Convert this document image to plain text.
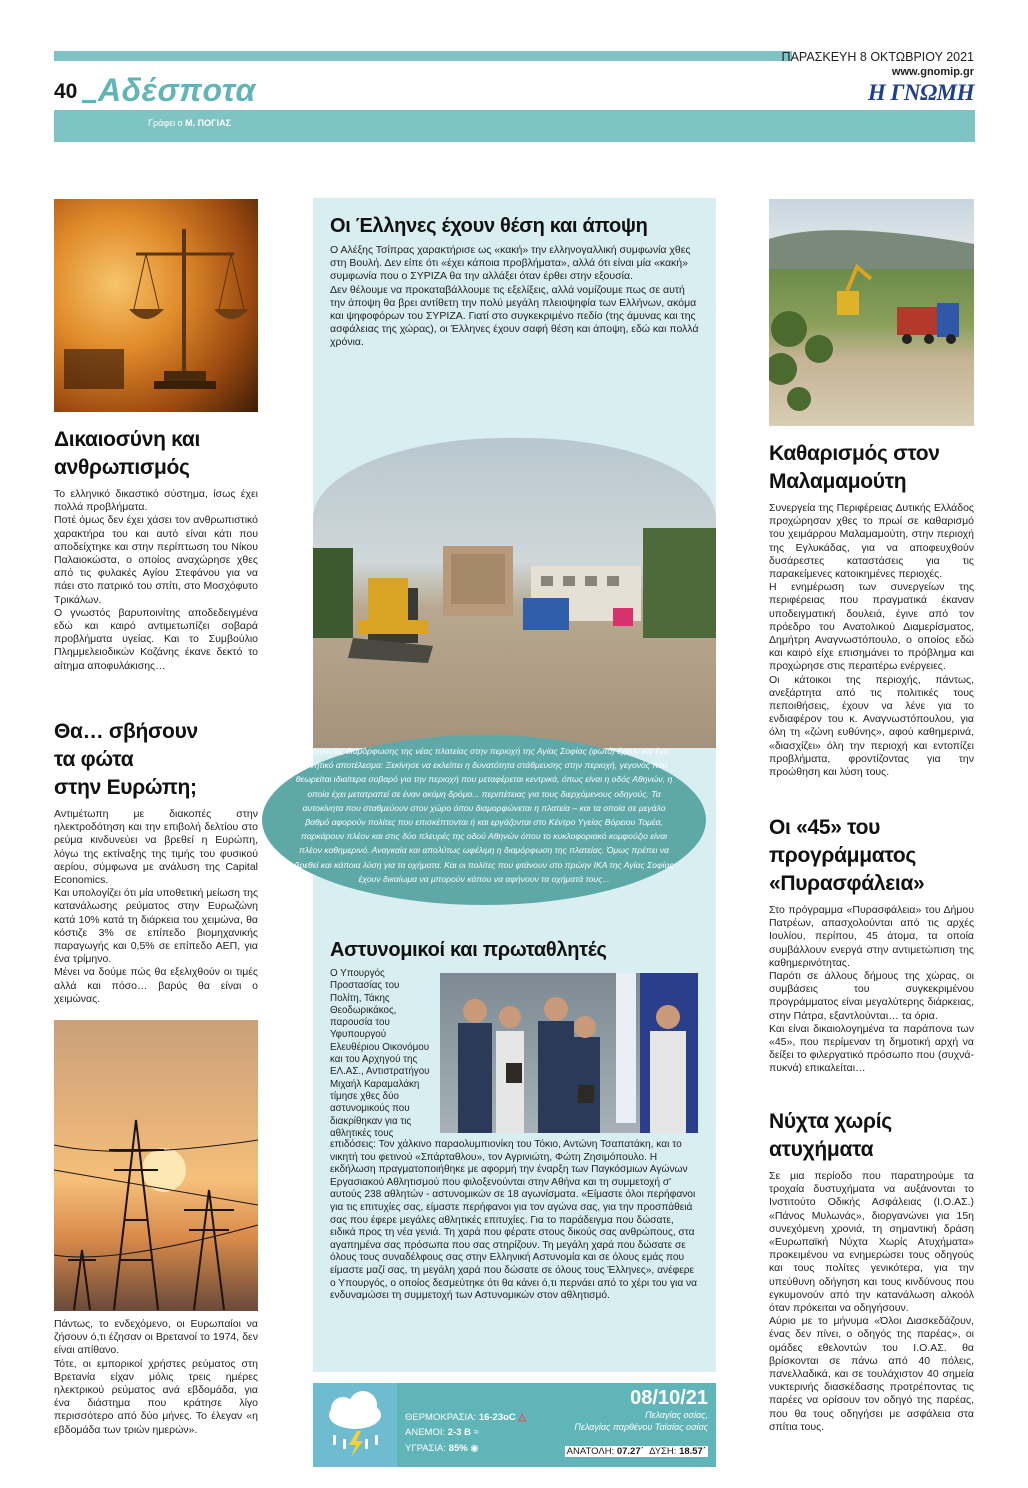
40 Αδέσποτα
ΠΑΡΑΣΚΕΥΗ 8 ΟΚΤΩΒΡΙΟΥ 2021
www.gnomip.gr
Η ΓΝΩΜΗ
Γράφει ο Μ. ΠΟΓΙΑΣ
Δικαιοσύνη και
ανθρωπισμός
Το ελληνικό δικαστικό σύστημα, ίσως έχει πολλά προβλήματα.
Ποτέ όμως δεν έχει χάσει τον ανθρωπιστικό χαρακτήρα του και αυτό είναι κάτι που αποδείχτηκε και στην περίπτωση του Νίκου Παλαιοκώστα, ο οποίος αναχώρησε χθες από τις φυλακές Αγίου Στεφάνου για να πάει στο πατρικό του σπίτι, στο Μοσχόφυτο Τρικάλων.
Ο γνωστός βαρυποινίτης αποδεδειγμένα εδώ και καιρό αντιμετωπίζει σοβαρά προβλήματα υγείας. Και το Συμβούλιο Πλημμελειοδικών Κοζάνης έκανε δεκτό το αίτημα αποφυλάκισης…
Θα… σβήσουν
τα φώτα
στην Ευρώπη;
Αντιμέτωπη με διακοπές στην ηλεκτροδότηση και την επιβολή δελτίου στο ρεύμα κινδυνεύει να βρεθεί η Ευρώπη, λόγω της εκτίναξης της τιμής του φυσικού αερίου, σύμφωνα με ανάλυση της Capital Economics.
Και υπολογίζει ότι μία υποθετική μείωση της κατανάλωσης ρεύματος στην Ευρωζώνη κατά 10% κατά τη διάρκεια του χειμώνα, θα κόστιζε 3% σε επίπεδο βιομηχανικής παραγωγής και 0,5% σε επίπεδο ΑΕΠ, για ένα τρίμηνο.
Μένει να δούμε πώς θα εξελιχθούν οι τιμές αλλά και πόσο… βαρύς θα είναι ο χειμώνας.
Πάντως, το ενδεχόμενο, οι Ευρωπαίοι να ζήσουν ό,τι έζησαν οι Βρετανοί το 1974, δεν είναι απίθανο.
Τότε, οι εμπορικοί χρήστες ρεύματος στη Βρετανία είχαν μόλις τρεις ημέρες ηλεκτρικού ρεύματος ανά εβδομάδα, για ένα διάστημα που κράτησε λίγο περισσότερο από δύο μήνες. Το έλεγαν «η εβδομάδα των τριών ημερών».
Οι Έλληνες έχουν θέση και άποψη
Ο Αλέξης Τσίπρας χαρακτήρισε ως «κακή» την ελληνογαλλική συμφωνία χθες στη Βουλή. Δεν είπε ότι «έχει κάποια προβλήματα», αλλά ότι είναι μία «κακή» συμφωνία που ο ΣΥΡΙΖΑ θα την αλλάξει όταν έρθει στην εξουσία.
Δεν θέλουμε να προκαταβάλλουμε τις εξελίξεις, αλλά νομίζουμε πως σε αυτή την άποψη θα βρει αντίθετη την πολύ μεγάλη πλειοψηφία των Ελλήνων, ακόμα και ψηφοφόρων του ΣΥΡΙΖΑ. Γιατί στο συγκεκριμένο πεδίο (της άμυνας και της ασφάλειας της χώρας), οι Έλληνες έχουν σαφή θέση και άποψη, εδώ και πολλά χρόνια.
Οι εργασίες διαμόρφωσης της νέας πλατείας στην περιοχή της Αγίας Σοφίας (φωτό) έχουν και ένα αρνητικό αποτέλεσμα: Ξεκίνησε να εκλείπει η δυνατότητα στάθμευσης στην περιοχή, γεγονός που θεωρείται ιδιαίτερα σοβαρό για την περιοχή που μεταφέρεται κεντρικά, όπως είναι η οδός Αθηνών, η οποία έχει μετατραπεί σε έναν ακόμη δρόμο... περιπέτειας για τους διερχόμενους οδηγούς. Τα αυτοκίνητα που σταθμεύουν στον χώρο όπου διαμορφώνεται η πλατεία – και τα οποία σε μεγάλο βαθμό αφορούν πολίτες που επισκέπτονται ή και εργάζονται στο Κέντρο Υγείας Βόρειου Τομέα, παρκάρουν πλέον και στις δύο πλευρές της οδού Αθηνών όπου το κυκλοφοριακό κομφούζιο είναι πλέον καθημερινό. Αναγκαία και απολύτως ωφέλιμη η διαμόρφωση της πλατείας. Όμως πρέπει να βρεθεί και κάποια λύση για τα οχήματα. Και οι πολίτες που φτάνουν στο πρώην ΙΚΑ της Αγίας Σοφίας έχουν δικαίωμα να μπορούν κάπου να αφήνουν τα οχήματά τους...
Αστυνομικοί και πρωταθλητές
Ο Υπουργός Προστασίας του Πολίτη, Τάκης Θεοδωρικάκος, παρουσία του Υφυπουργού Ελευθέριου Οικονόμου και του Αρχηγού της ΕΛ.ΑΣ., Αντιστρατήγου Μιχαήλ Καραμαλάκη τίμησε χθες δύο αστυνομικούς που διακρίθηκαν για τις αθλητικές τους
επιδόσεις: Τον χάλκινο παραολυμπιονίκη του Τόκιο, Αντώνη Τσαπατάκη, και το νικητή του φετινού «Σπάρταθλου», τον Αγρινιώτη, Φώτη Ζησιμόπουλο. Η εκδήλωση πραγματοποιήθηκε με αφορμή την έναρξη των Παγκόσμιων Αγώνων Εργασιακού Αθλητισμού που φιλοξενούνται στην Αθήνα και τη συμμετοχή σ' αυτούς 238 αθλητών - αστυνομικών σε 18 αγωνίσματα. «Είμαστε όλοι περήφανοι για τις επιτυχίες σας, είμαστε περήφανοι για τον αγώνα σας, για την προσπάθειά σας που έφερε μεγάλες αθλητικές επιτυχίες. Για το παράδειγμα που δώσατε, ειδικά προς τη νέα γενιά. Τη χαρά που φέρατε στους δικούς σας ανθρώπους, στα αγαπημένα σας πρόσωπα που σας στηρίζουν. Τη μεγάλη χαρά που δώσατε σε όλους τους συναδέλφους σας στην Ελληνική Αστυνομία και σε όλους εμάς που είμαστε μαζί σας, τη μεγάλη χαρά που δώσατε σε όλους τους Έλληνες», ανέφερε ο Υπουργός, ο οποίος δεσμεύτηκε ότι θα κάνει ό,τι περνάει από το χέρι του για να ενδυναμώσει τη συμμετοχή των Αστυνομικών στον αθλητισμό.
ΘΕΡΜΟΚΡΑΣΙΑ: 16-23οC △
ΑΝΕΜΟΙ: 2-3 B ≈
ΥΓΡΑΣΙΑ: 85% ◉
08/10/21
Πελαγίας οσίας,
Πελαγίας παρθένου Ταϊσίας οσίας
ΑΝΑΤΟΛΗ: 07.27΄ ΔΥΣΗ: 18.57΄
Καθαρισμός στον
Μαλαμαμούτη
Συνεργεία της Περιφέρειας Δυτικής Ελλάδος προχώρησαν χθες το πρωί σε καθαρισμό του χειμάρρου Μαλαμαμούτη, στην περιοχή της Εγλυκάδας, για να αποφευχθούν δυσάρεστες καταστάσεις για τις παρακείμενες κατοικημένες περιοχές.
Η ενημέρωση των συνεργείων της περιφέρειας που πραγματικά έκαναν υποδειγματική δουλειά, έγινε από τον πρόεδρο του Ανατολικού Διαμερίσματος, Δημήτρη Αναγνωστόπουλο, ο οποίος εδώ και καιρό είχε επισημάνει το πρόβλημα και προχώρησε στις περαιτέρω ενέργειες.
Οι κάτοικοι της περιοχής, πάντως, ανεξάρτητα από τις πολιτικές τους πεποιθήσεις, έχουν να λένε για το ενδιαφέρον του κ. Αναγνωστόπουλου, για όλη τη «ζώνη ευθύνης», αφού καθημερινά, «διασχίζει» όλη την περιοχή και εντοπίζει προβλήματα, φροντίζοντας για την προώθηση και λύση τους.
Οι «45» του
προγράμματος
«Πυρασφάλεια»
Στο πρόγραμμα «Πυρασφάλεια» του Δήμου Πατρέων, απασχολούνται από τις αρχές Ιουλίου, περίπου, 45 άτομα, τα οποία συμβάλλουν ενεργά στην αντιμετώπιση της καθημερινότητας.
Παρότι σε άλλους δήμους της χώρας, οι συμβάσεις του συγκεκριμένου προγράμματος είναι μεγαλύτερης διάρκειας, στην Πάτρα, εξαντλούνται… τα όρια.
Και είναι δικαιολογημένα τα παράπονα των «45», που περίμεναν τη δημοτική αρχή να δείξει το φιλεργατικό πρόσωπο που (συχνά-πυκνά) επικαλείται…
Νύχτα χωρίς
ατυχήματα
Σε μια περίοδο που παρατηρούμε τα τροχαία δυστυχήματα να αυξάνονται το Ινστιτούτο Οδικής Ασφάλειας (Ι.Ο.ΑΣ.) «Πάνος Μυλωνάς», διοργανώνει για 15η συνεχόμενη χρονιά, τη σημαντική δράση «Ευρωπαϊκή Νύχτα Χωρίς Ατυχήματα» προκειμένου να ενημερώσει τους οδηγούς και τους πολίτες γενικότερα, για την υπεύθυνη οδήγηση και τους κινδύνους που εγκυμονούν από την κατανάλωση αλκοόλ όταν πρόκειται να οδηγήσουν.
Αύριο με το μήνυμα «Όλοι Διασκεδάζουν, ένας δεν πίνει, ο οδηγός της παρέας», οι ομάδες εθελοντών του Ι.Ο.ΑΣ. θα βρίσκονται σε πάνω από 40 πόλεις, πανελλαδικά, και σε τουλάχιστον 40 σημεία νυκτερινής διασκέδασης προτρέποντας τις παρέες να ορίσουν τον οδηγό της παρέας, που θα τους οδηγήσει με ασφάλεια στα σπίτια τους.
